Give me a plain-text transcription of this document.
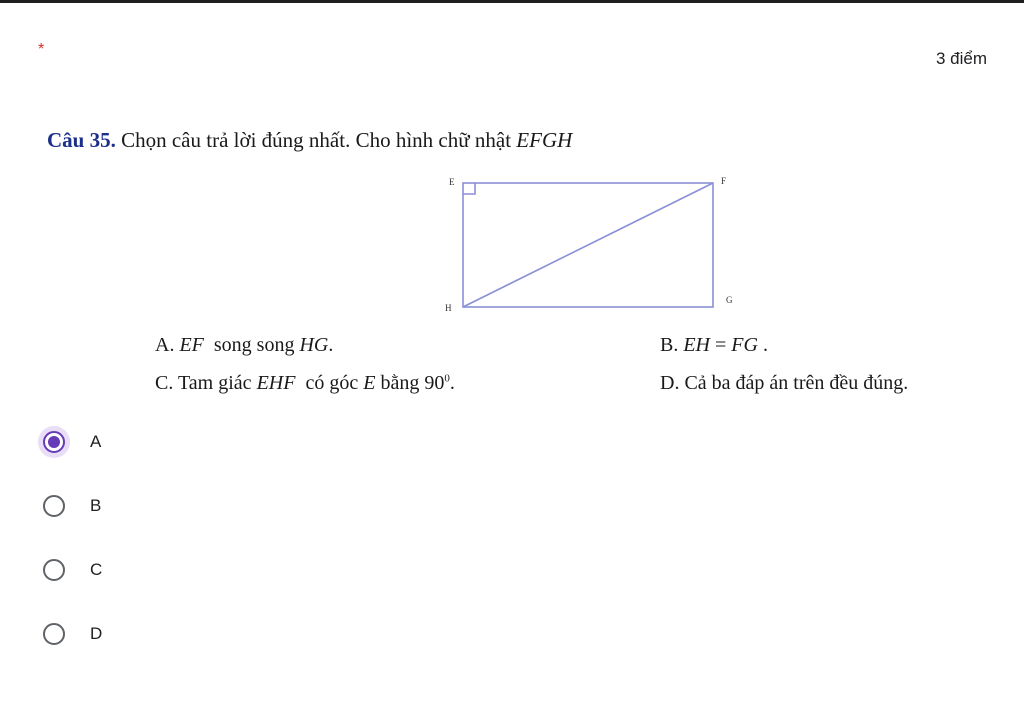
*	3 điểm
Câu 35. Chọn câu trả lời đúng nhất. Cho hình chữ nhật EFGH
E	F
H
G
A. EF song song HG.	B. EH = FG .
C. Tam giác EHF có góc E bằng $90^0$.	D. Cả ba đáp án trên đều đúng.
A
B
C
D
